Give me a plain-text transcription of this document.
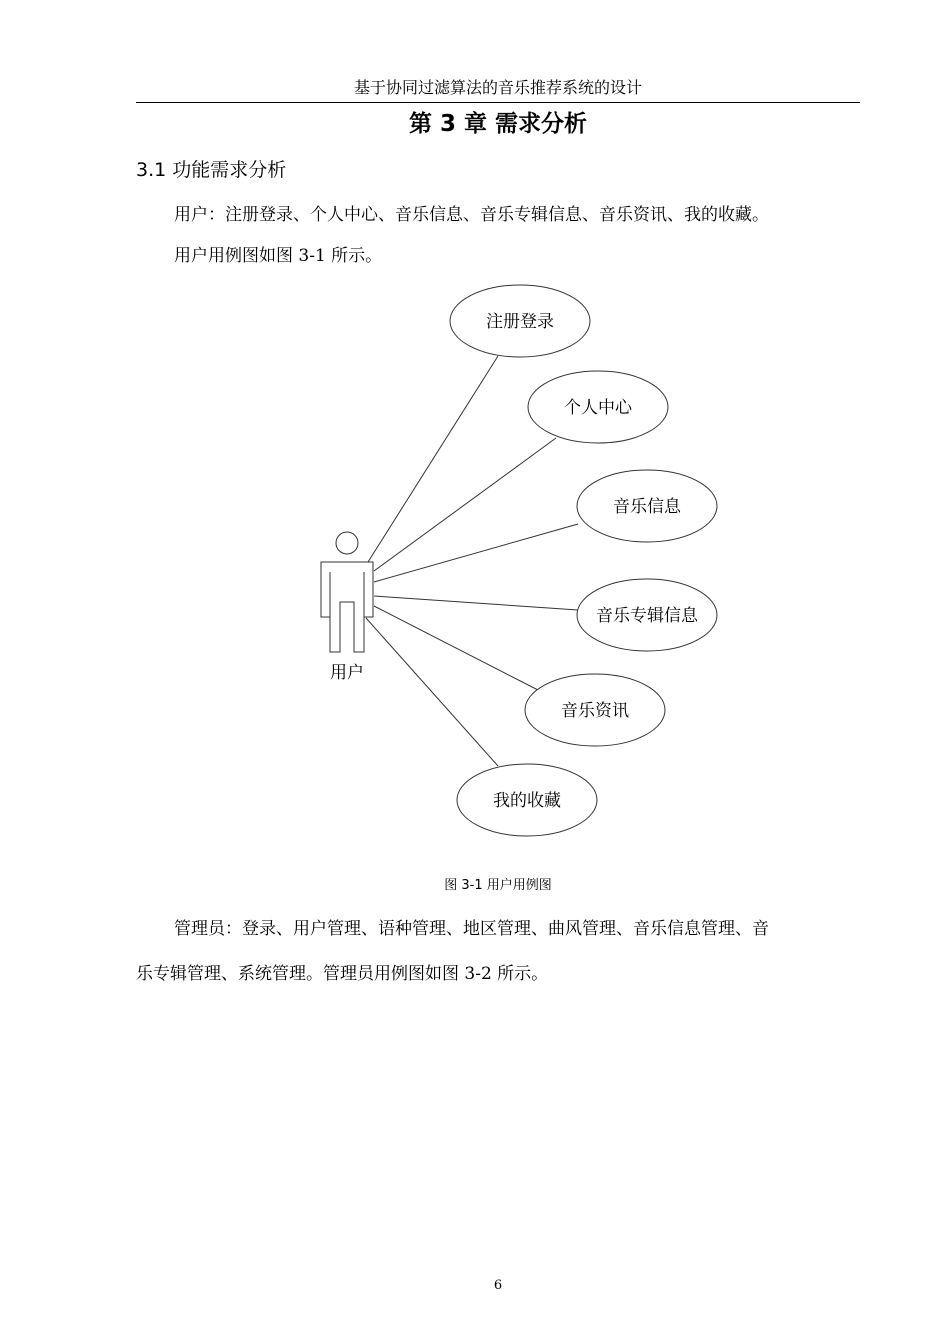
基于协同过滤算法的音乐推荐系统的设计
第 3 章 需求分析
3.1 功能需求分析
用户：注册登录、个人中心、音乐信息、音乐专辑信息、音乐资讯、我的收藏。
用户用例图如图 3-1 所示。
用户
注册登录
个人中心
音乐信息
音乐专辑信息
音乐资讯
我的收藏
图 3-1 用户用例图
管理员：登录、用户管理、语种管理、地区管理、曲风管理、音乐信息管理、音
乐专辑管理、系统管理。管理员用例图如图 3-2 所示。
6
